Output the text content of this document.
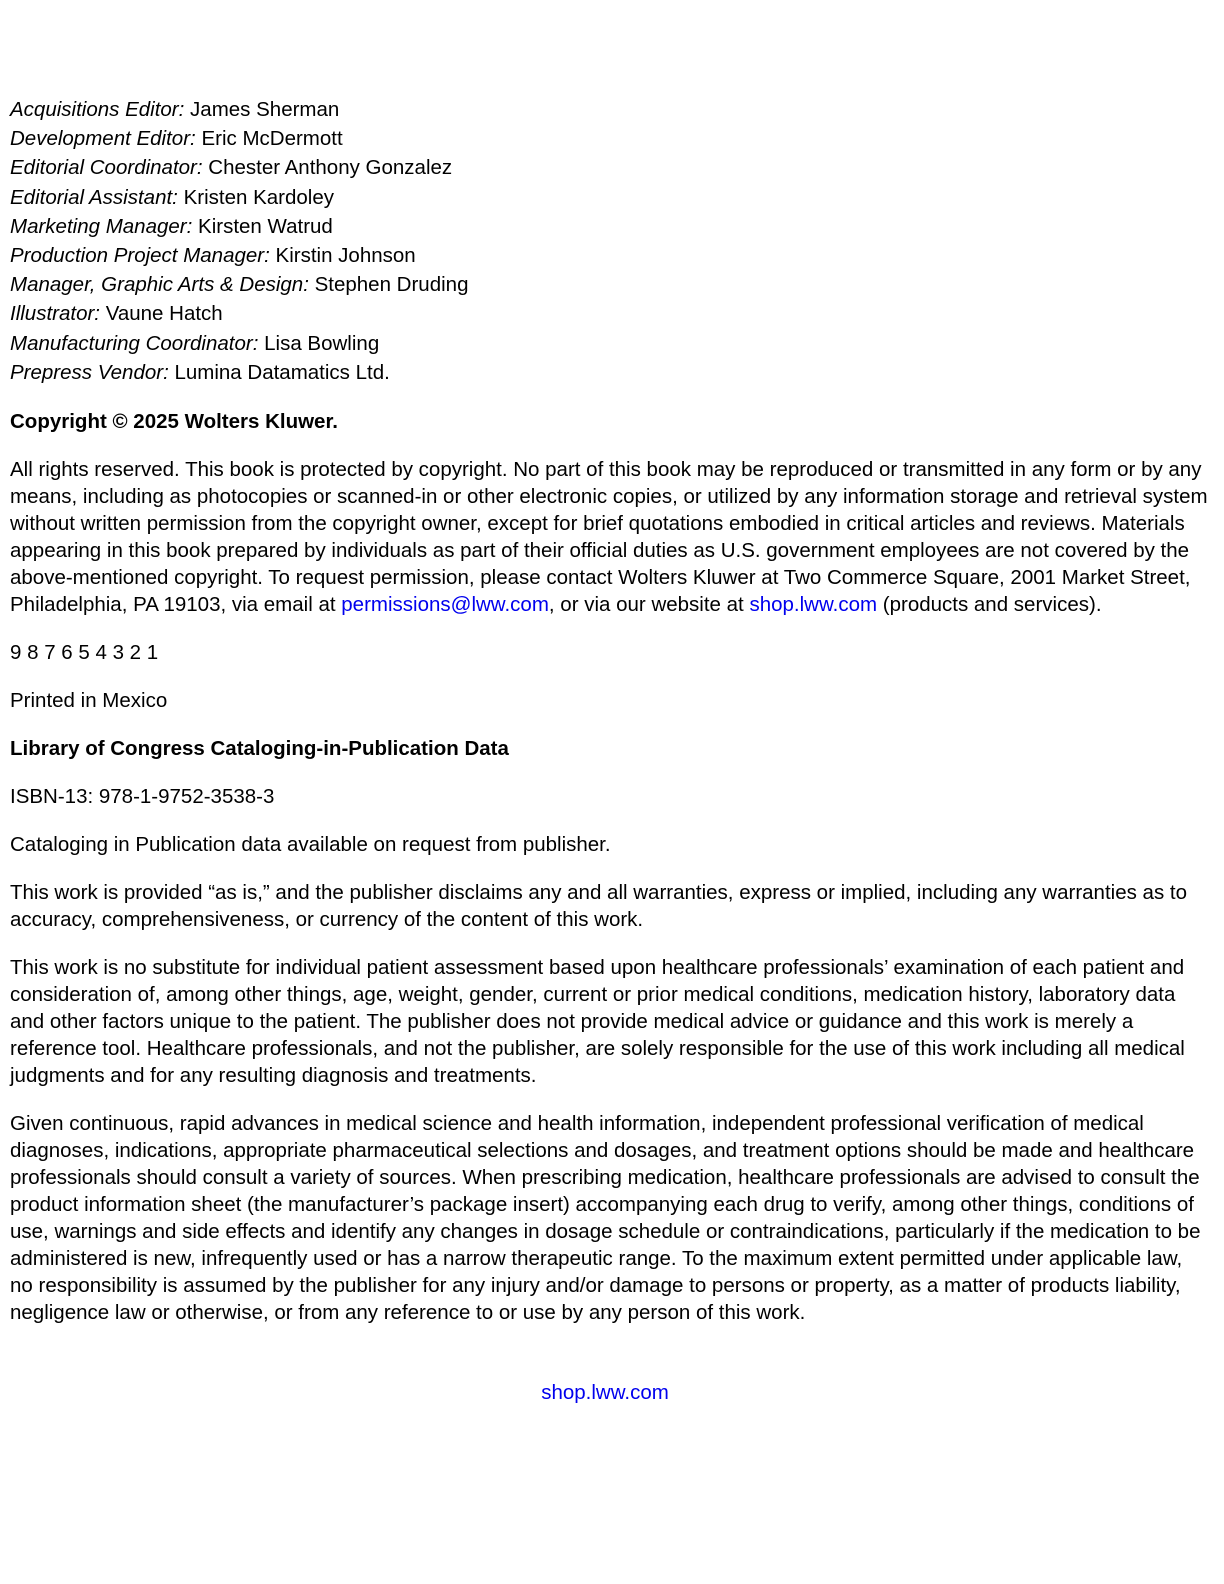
Acquisitions Editor: James Sherman
Development Editor: Eric McDermott
Editorial Coordinator: Chester Anthony Gonzalez
Editorial Assistant: Kristen Kardoley
Marketing Manager: Kirsten Watrud
Production Project Manager: Kirstin Johnson
Manager, Graphic Arts & Design: Stephen Druding
Illustrator: Vaune Hatch
Manufacturing Coordinator: Lisa Bowling
Prepress Vendor: Lumina Datamatics Ltd.

Copyright © 2025 Wolters Kluwer.

All rights reserved. This book is protected by copyright. No part of this book may be reproduced or transmitted in any form or by any means, including as photocopies or scanned-in or other electronic copies, or utilized by any information storage and retrieval system without written permission from the copyright owner, except for brief quotations embodied in critical articles and reviews. Materials appearing in this book prepared by individuals as part of their official duties as U.S. government employees are not covered by the above-mentioned copyright. To request permission, please contact Wolters Kluwer at Two Commerce Square, 2001 Market Street, Philadelphia, PA 19103, via email at permissions@lww.com, or via our website at shop.lww.com (products and services).

9 8 7 6 5 4 3 2 1

Printed in Mexico

Library of Congress Cataloging-in-Publication Data

ISBN-13: 978-1-9752-3538-3

Cataloging in Publication data available on request from publisher.

This work is provided “as is,” and the publisher disclaims any and all warranties, express or implied, including any warranties as to accuracy, comprehensiveness, or currency of the content of this work.

This work is no substitute for individual patient assessment based upon healthcare professionals’ examination of each patient and consideration of, among other things, age, weight, gender, current or prior medical conditions, medication history, laboratory data and other factors unique to the patient. The publisher does not provide medical advice or guidance and this work is merely a reference tool. Healthcare professionals, and not the publisher, are solely responsible for the use of this work including all medical judgments and for any resulting diagnosis and treatments.

Given continuous, rapid advances in medical science and health information, independent professional verification of medical diagnoses, indications, appropriate pharmaceutical selections and dosages, and treatment options should be made and healthcare professionals should consult a variety of sources. When prescribing medication, healthcare professionals are advised to consult the product information sheet (the manufacturer’s package insert) accompanying each drug to verify, among other things, conditions of use, warnings and side effects and identify any changes in dosage schedule or contraindications, particularly if the medication to be administered is new, infrequently used or has a narrow therapeutic range. To the maximum extent permitted under applicable law, no responsibility is assumed by the publisher for any injury and/or damage to persons or property, as a matter of products liability, negligence law or otherwise, or from any reference to or use by any person of this work.

shop.lww.com
